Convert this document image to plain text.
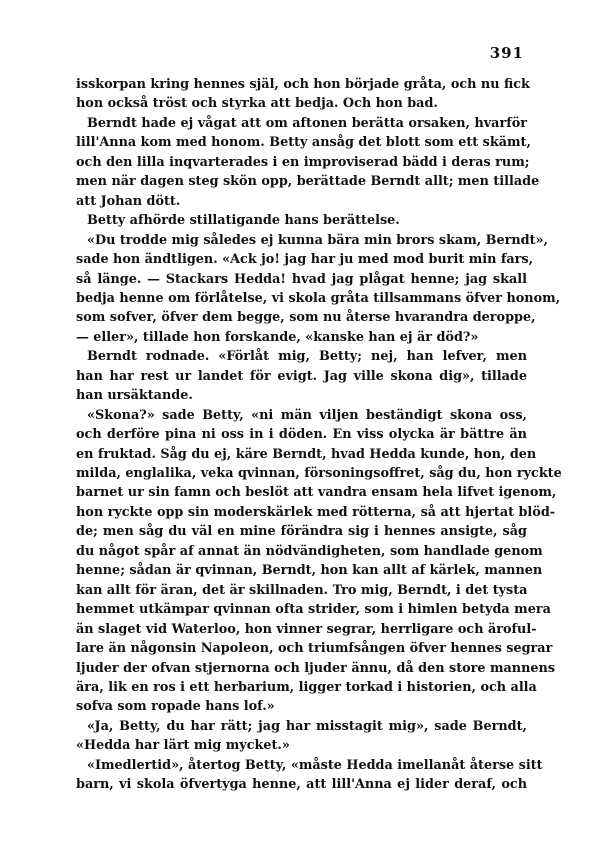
391
isskorpan kring hennes själ, och hon började gråta, och nu fick
hon också tröst och styrka att bedja. Och hon bad.
Berndt hade ej vågat att om aftonen berätta orsaken, hvarför
lill'Anna kom med honom. Betty ansåg det blott som ett skämt,
och den lilla inqvarterades i en improviserad bädd i deras rum;
men när dagen steg skön opp, berättade Berndt allt; men tillade
att Johan dött.
Betty afhörde stillatigande hans berättelse.
«Du trodde mig således ej kunna bära min brors skam, Berndt»,
sade hon ändtligen. «Ack jo! jag har ju med mod burit min fars,
så länge. — Stackars Hedda! hvad jag plågat henne; jag skall
bedja henne om förlåtelse, vi skola gråta tillsammans öfver honom,
som sofver, öfver dem begge, som nu återse hvarandra deroppe,
— eller», tillade hon forskande, «kanske han ej är död?»
Berndt rodnade. «Förlåt mig, Betty; nej, han lefver, men
han har rest ur landet för evigt. Jag ville skona dig», tillade
han ursäktande.
«Skona?» sade Betty, «ni män viljen beständigt skona oss,
och derföre pina ni oss in i döden. En viss olycka är bättre än
en fruktad. Såg du ej, käre Berndt, hvad Hedda kunde, hon, den
milda, englalika, veka qvinnan, försoningsoffret, såg du, hon ryckte
barnet ur sin famn och beslöt att vandra ensam hela lifvet igenom,
hon ryckte opp sin moderskärlek med rötterna, så att hjertat blöd-
de; men såg du väl en mine förändra sig i hennes ansigte, såg
du något spår af annat än nödvändigheten, som handlade genom
henne; sådan är qvinnan, Berndt, hon kan allt af kärlek, mannen
kan allt för äran, det är skillnaden. Tro mig, Berndt, i det tysta
hemmet utkämpar qvinnan ofta strider, som i himlen betyda mera
än slaget vid Waterloo, hon vinner segrar, herrligare och äroful-
lare än någonsin Napoleon, och triumfsången öfver hennes segrar
ljuder der ofvan stjernorna och ljuder ännu, då den store mannens
ära, lik en ros i ett herbarium, ligger torkad i historien, och alla
sofva som ropade hans lof.»
«Ja, Betty, du har rätt; jag har misstagit mig», sade Berndt,
«Hedda har lärt mig mycket.»
«Imedlertid», återtog Betty, «måste Hedda imellanåt återse sitt
barn, vi skola öfvertyga henne, att lill'Anna ej lider deraf, och
